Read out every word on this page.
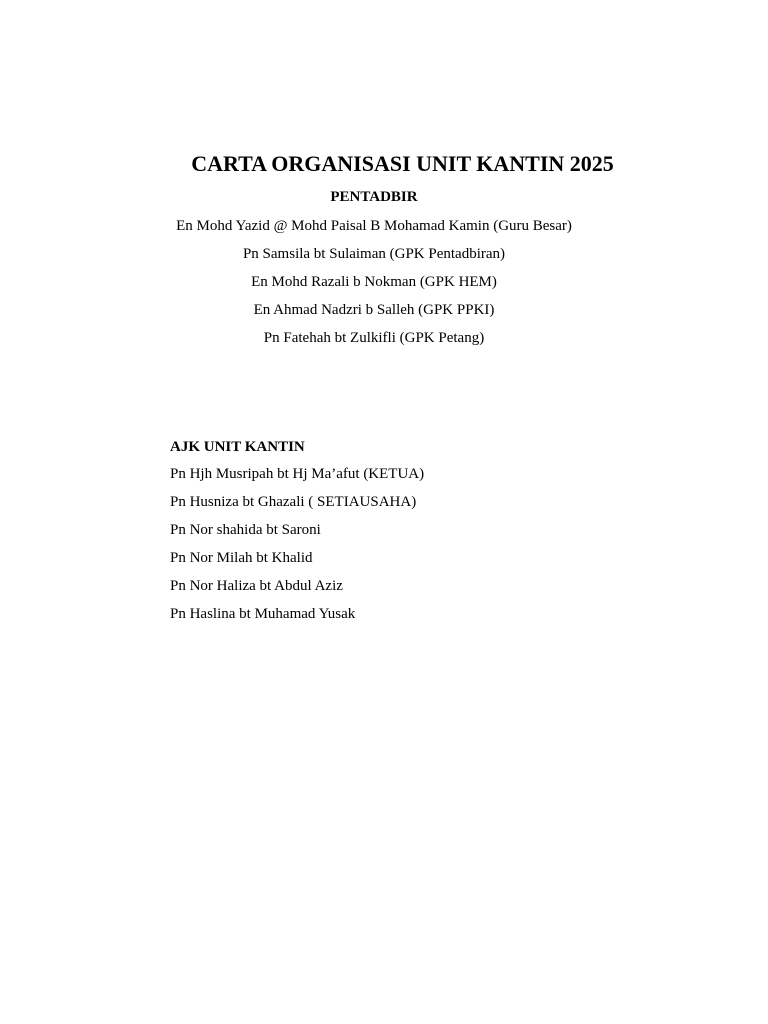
CARTA ORGANISASI UNIT KANTIN 2025
PENTADBIR
En Mohd Yazid @ Mohd Paisal B Mohamad Kamin (Guru Besar)
Pn Samsila bt Sulaiman (GPK Pentadbiran)
En Mohd Razali b Nokman (GPK HEM)
En Ahmad Nadzri b Salleh (GPK PPKI)
Pn Fatehah bt Zulkifli (GPK Petang)
AJK UNIT KANTIN
Pn Hjh Musripah bt Hj Ma’afut (KETUA)
Pn Husniza bt Ghazali ( SETIAUSAHA)
Pn Nor shahida bt Saroni
Pn Nor Milah bt Khalid
Pn Nor Haliza bt Abdul Aziz
Pn Haslina bt Muhamad Yusak
